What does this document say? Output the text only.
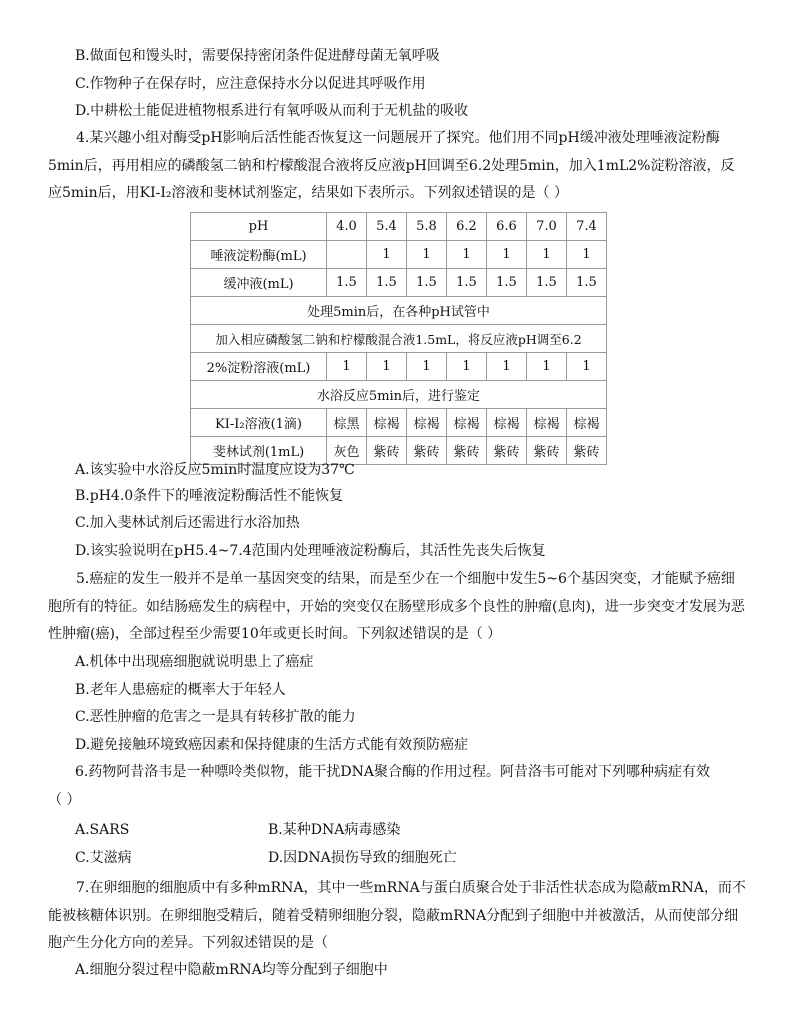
B.做面包和馒头时，需要保持密闭条件促进酵母菌无氧呼吸
C.作物种子在保存时，应注意保持水分以促进其呼吸作用
D.中耕松土能促进植物根系进行有氧呼吸从而利于无机盐的吸收
4.某兴趣小组对酶受pH影响后活性能否恢复这一问题展开了探究。他们用不同pH缓冲液处理唾液淀粉酶5min后，再用相应的磷酸氢二钠和柠檬酸混合液将反应液pH回调至6.2处理5min，加入1mL2%淀粉溶液，反应5min后，用KI-I₂溶液和斐林试剂鉴定，结果如下表所示。下列叙述错误的是（ ）
pH	4.0	5.4	5.8	6.2	6.6	7.0	7.4
唾液淀粉酶(mL)		1	1	1	1	1	1
缓冲液(mL)	1.5	1.5	1.5	1.5	1.5	1.5	1.5
处理5min后，在各种pH试管中							
加入相应磷酸氢二钠和柠檬酸混合液1.5mL，将反应液pH调至6.2							
2%淀粉溶液(mL)	1	1	1	1	1	1	1
水浴反应5min后，进行鉴定							
KI-I₂溶液(1滴)	棕黑	棕褐	棕褐	棕褐	棕褐	棕褐	棕褐
斐林试剂(1mL)	灰色	紫砖	紫砖	紫砖	紫砖	紫砖	紫砖
A.该实验中水浴反应5min时温度应设为37℃
B.pH4.0条件下的唾液淀粉酶活性不能恢复
C.加入斐林试剂后还需进行水浴加热
D.该实验说明在pH5.4~7.4范围内处理唾液淀粉酶后，其活性先丧失后恢复
5.癌症的发生一般并不是单一基因突变的结果，而是至少在一个细胞中发生5~6个基因突变，才能赋予癌细胞所有的特征。如结肠癌发生的病程中，开始的突变仅在肠壁形成多个良性的肿瘤(息肉)，进一步突变才发展为恶性肿瘤(癌)，全部过程至少需要10年或更长时间。下列叙述错误的是（ ）
A.机体中出现癌细胞就说明患上了癌症
B.老年人患癌症的概率大于年轻人
C.恶性肿瘤的危害之一是具有转移扩散的能力
D.避免接触环境致癌因素和保持健康的生活方式能有效预防癌症
6.药物阿昔洛韦是一种嘌呤类似物，能干扰DNA聚合酶的作用过程。阿昔洛韦可能对下列哪种病症有效
（ ）
A.SARS	B.某种DNA病毒感染
C.艾滋病	D.因DNA损伤导致的细胞死亡
7.在卵细胞的细胞质中有多种mRNA，其中一些mRNA与蛋白质聚合处于非活性状态成为隐蔽mRNA，而不能被核糖体识别。在卵细胞受精后，随着受精卵细胞分裂，隐蔽mRNA分配到子细胞中并被激活，从而使部分细胞产生分化方向的差异。下列叙述错误的是（
A.细胞分裂过程中隐蔽mRNA均等分配到子细胞中
